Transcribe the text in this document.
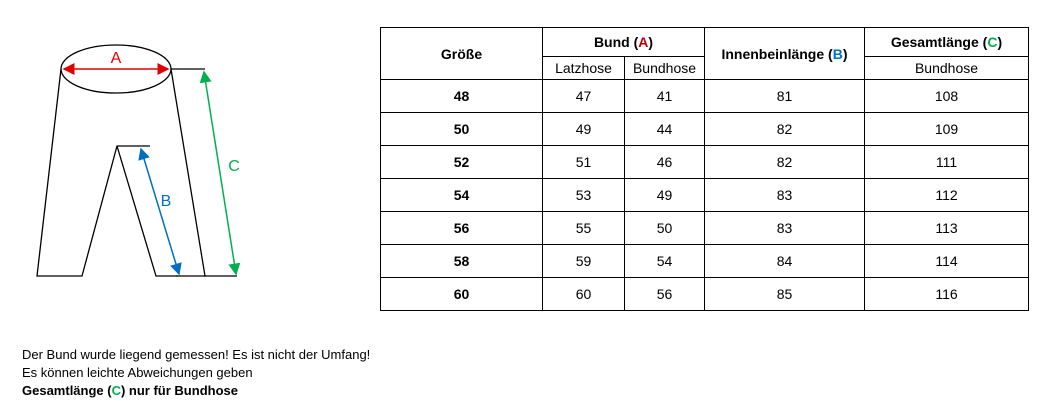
A
B
C
Größe	Bund (A)		Innenbeinlänge (B)	Gesamtlänge (C)
	Latzhose	Bundhose		Bundhose
48	47	41	81	108
50	49	44	82	109
52	51	46	82	111
54	53	49	83	112
56	55	50	83	113
58	59	54	84	114
60	60	56	85	116
Der Bund wurde liegend gemessen! Es ist nicht der Umfang!
Es können leichte Abweichungen geben
Gesamtlänge (C) nur für Bundhose
